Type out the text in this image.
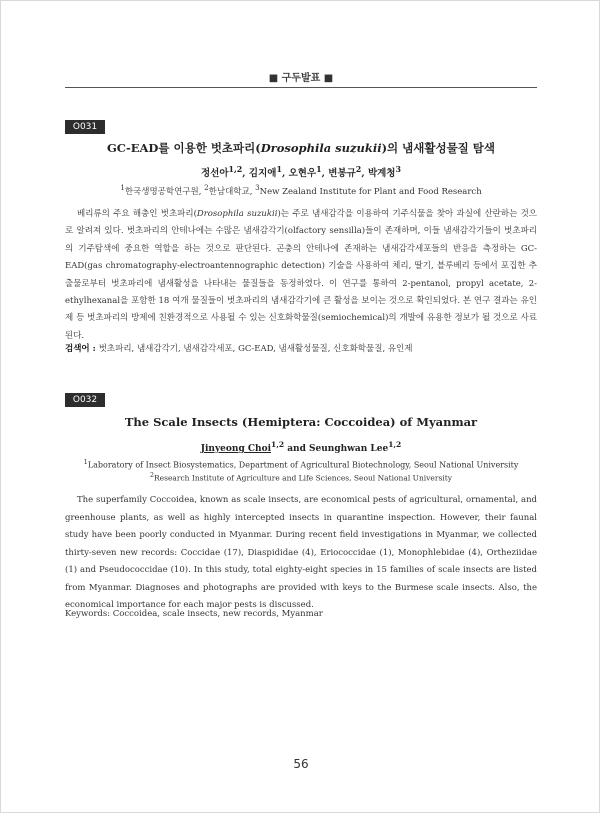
■ 구두발표 ■
O031
GC-EAD를 이용한 벗초파리(Drosophila suzukii)의 냄새활성물질 탐색
정선아$^{1,2}$, 김지애$^1$, 오현우$^1$, 변봉규$^2$, 박계청$^3$
$^1$한국생명공학연구원, $^2$한남대학교, $^3$New Zealand Institute for Plant and Food Research
베리류의 주요 해충인 벗초파리(Drosophila suzukii)는 주로 냄새감각을 이용하여 기주식물을 찾아 과실에 산란하는 것으로 알려져 있다. 벗초파리의 안테나에는 수많은 냄새감각기(olfactory sensilla)들이 존재하며, 이들 냄새감각기들이 벗초파리의 기주탐색에 중요한 역할을 하는 것으로 판단된다. 곤충의 안테나에 존재하는 냄새감각세포들의 반응을 측정하는 GC-EAD(gas chromatography-electroantennographic detection) 기술을 사용하여 체리, 딸기, 블루베리 등에서 포집한 추출물로부터 벗초파리에 냄새활성을 나타내는 물질들을 동정하였다. 이 연구를 통하여 2-pentanol, propyl acetate, 2-ethylhexanal을 포함한 18 여개 물질들이 벗초파리의 냄새감각기에 큰 활성을 보이는 것으로 확인되었다. 본 연구 결과는 유인제 등 벗초파리의 방제에 친환경적으로 사용될 수 있는 신호화학물질(semiochemical)의 개발에 유용한 정보가 될 것으로 사료된다.
검색어 : 벗초파리, 냄새감각기, 냄새감각세포, GC-EAD, 냄새활성물질, 신호화학물질, 유인제
O032
The Scale Insects (Hemiptera: Coccoidea) of Myanmar
Jinyeong Choi$^{1,2}$ and Seunghwan Lee$^{1,2}$
$^1$Laboratory of Insect Biosystematics, Department of Agricultural Biotechnology, Seoul National University
$^2$Research Institute of Agriculture and Life Sciences, Seoul National University
The superfamily Coccoidea, known as scale insects, are economical pests of agricultural, ornamental, and greenhouse plants, as well as highly intercepted insects in quarantine inspection. However, their faunal study have been poorly conducted in Myanmar. During recent field investigations in Myanmar, we collected thirty-seven new records: Coccidae (17), Diaspididae (4), Eriococcidae (1), Monophlebidae (4), Ortheziidae (1) and Pseudococcidae (10). In this study, total eighty-eight species in 15 families of scale insects are listed from Myanmar. Diagnoses and photographs are provided with keys to the Burmese scale insects. Also, the economical importance for each major pests is discussed.
Keywords: Coccoidea, scale insects, new records, Myanmar
56
